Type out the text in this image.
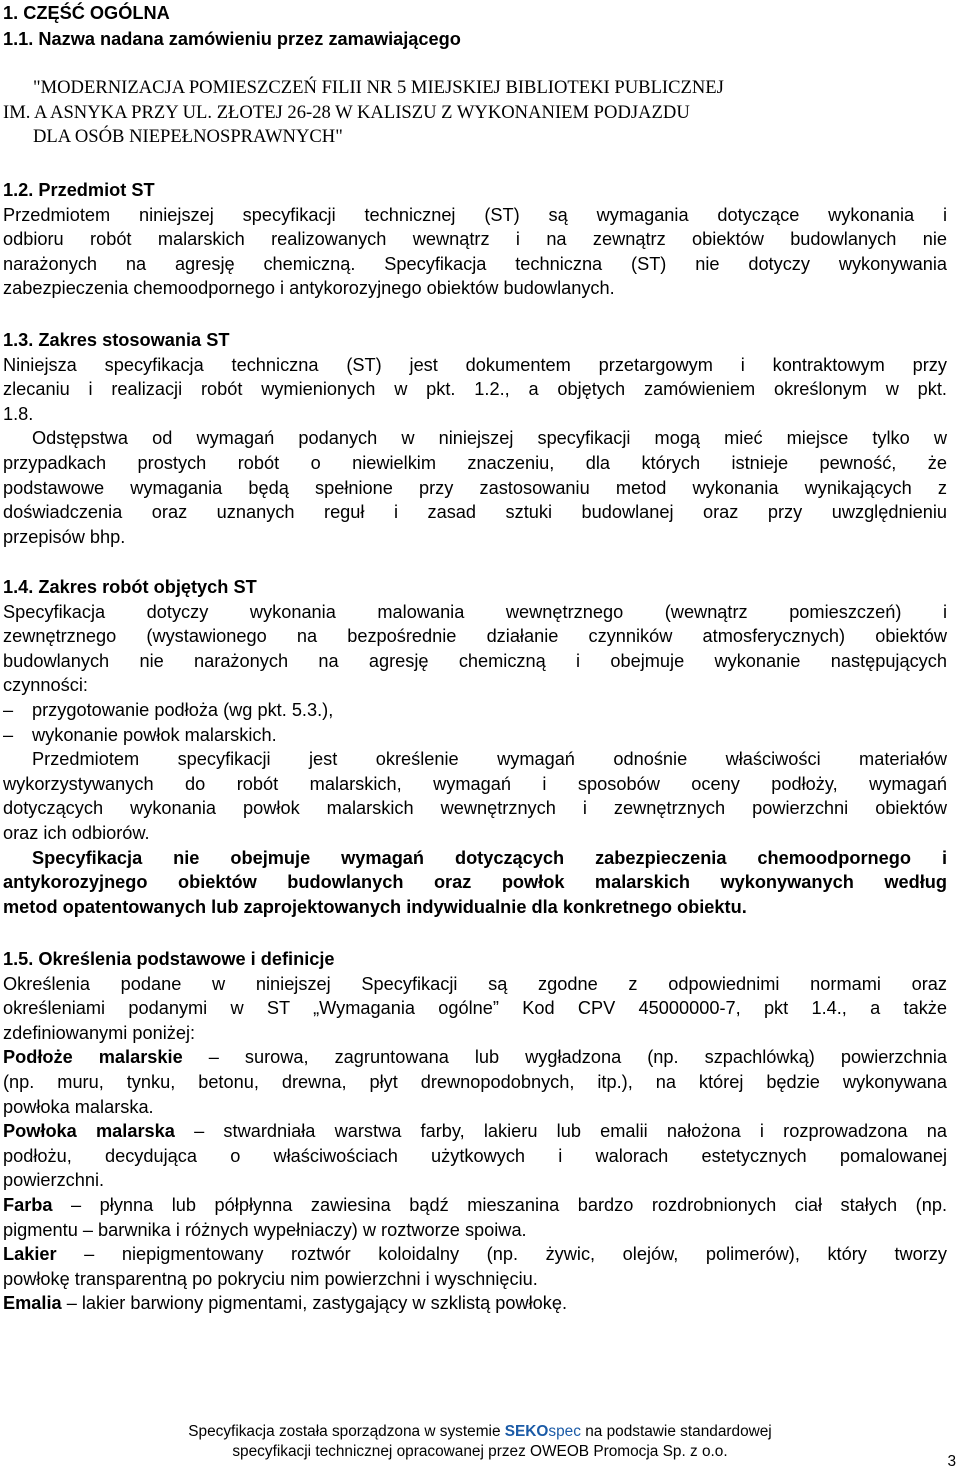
1. CZĘŚĆ OGÓLNA
1.1. Nazwa nadana zamówieniu przez zamawiającego
"MODERNIZACJA POMIESZCZEŃ FILII NR 5 MIEJSKIEJ BIBLIOTEKI PUBLICZNEJ
IM. A ASNYKA PRZY UL. ZŁOTEJ 26-28 W KALISZU Z WYKONANIEM PODJAZDU
DLA OSÓB NIEPEŁNOSPRAWNYCH"
1.2. Przedmiot ST
Przedmiotem niniejszej specyfikacji technicznej (ST) są wymagania dotyczące wykonania i
odbioru robót malarskich realizowanych wewnątrz i na zewnątrz obiektów budowlanych nie
narażonych na agresję chemiczną. Specyfikacja techniczna (ST) nie dotyczy wykonywania
zabezpieczenia chemoodpornego i antykorozyjnego obiektów budowlanych.
1.3. Zakres stosowania ST
Niniejsza specyfikacja techniczna (ST) jest dokumentem przetargowym i kontraktowym przy
zlecaniu i realizacji robót wymienionych w pkt. 1.2., a objętych zamówieniem określonym w pkt.
1.8.
Odstępstwa od wymagań podanych w niniejszej specyfikacji mogą mieć miejsce tylko w
przypadkach prostych robót o niewielkim znaczeniu, dla których istnieje pewność, że
podstawowe wymagania będą spełnione przy zastosowaniu metod wykonania wynikających z
doświadczenia oraz uznanych reguł i zasad sztuki budowlanej oraz przy uwzględnieniu
przepisów bhp.
1.4. Zakres robót objętych ST
Specyfikacja dotyczy wykonania malowania wewnętrznego (wewnątrz pomieszczeń) i
zewnętrznego (wystawionego na bezpośrednie działanie czynników atmosferycznych) obiektów
budowlanych nie narażonych na agresję chemiczną i obejmuje wykonanie następujących
czynności:
– przygotowanie podłoża (wg pkt. 5.3.),
– wykonanie powłok malarskich.
Przedmiotem specyfikacji jest określenie wymagań odnośnie właściwości materiałów
wykorzystywanych do robót malarskich, wymagań i sposobów oceny podłoży, wymagań
dotyczących wykonania powłok malarskich wewnętrznych i zewnętrznych powierzchni obiektów
oraz ich odbiorów.
Specyfikacja nie obejmuje wymagań dotyczących zabezpieczenia chemoodpornego i
antykorozyjnego obiektów budowlanych oraz powłok malarskich wykonywanych według
metod opatentowanych lub zaprojektowanych indywidualnie dla konkretnego obiektu.
1.5. Określenia podstawowe i definicje
Określenia podane w niniejszej Specyfikacji są zgodne z odpowiednimi normami oraz
określeniami podanymi w ST „Wymagania ogólne” Kod CPV 45000000-7, pkt 1.4., a także
zdefiniowanymi poniżej:
Podłoże malarskie – surowa, zagruntowana lub wygładzona (np. szpachlówką) powierzchnia
(np. muru, tynku, betonu, drewna, płyt drewnopodobnych, itp.), na której będzie wykonywana
powłoka malarska.
Powłoka malarska – stwardniała warstwa farby, lakieru lub emalii nałożona i rozprowadzona na
podłożu, decydująca o właściwościach użytkowych i walorach estetycznych pomalowanej
powierzchni.
Farba – płynna lub półpłynna zawiesina bądź mieszanina bardzo rozdrobnionych ciał stałych (np.
pigmentu – barwnika i różnych wypełniaczy) w roztworze spoiwa.
Lakier – niepigmentowany roztwór koloidalny (np. żywic, olejów, polimerów), który tworzy
powłokę transparentną po pokryciu nim powierzchni i wyschnięciu.
Emalia – lakier barwiony pigmentami, zastygający w szklistą powłokę.
Specyfikacja została sporządzona w systemie SEKOspec na podstawie standardowej
specyfikacji technicznej opracowanej przez OWEOB Promocja Sp. z o.o.
3
